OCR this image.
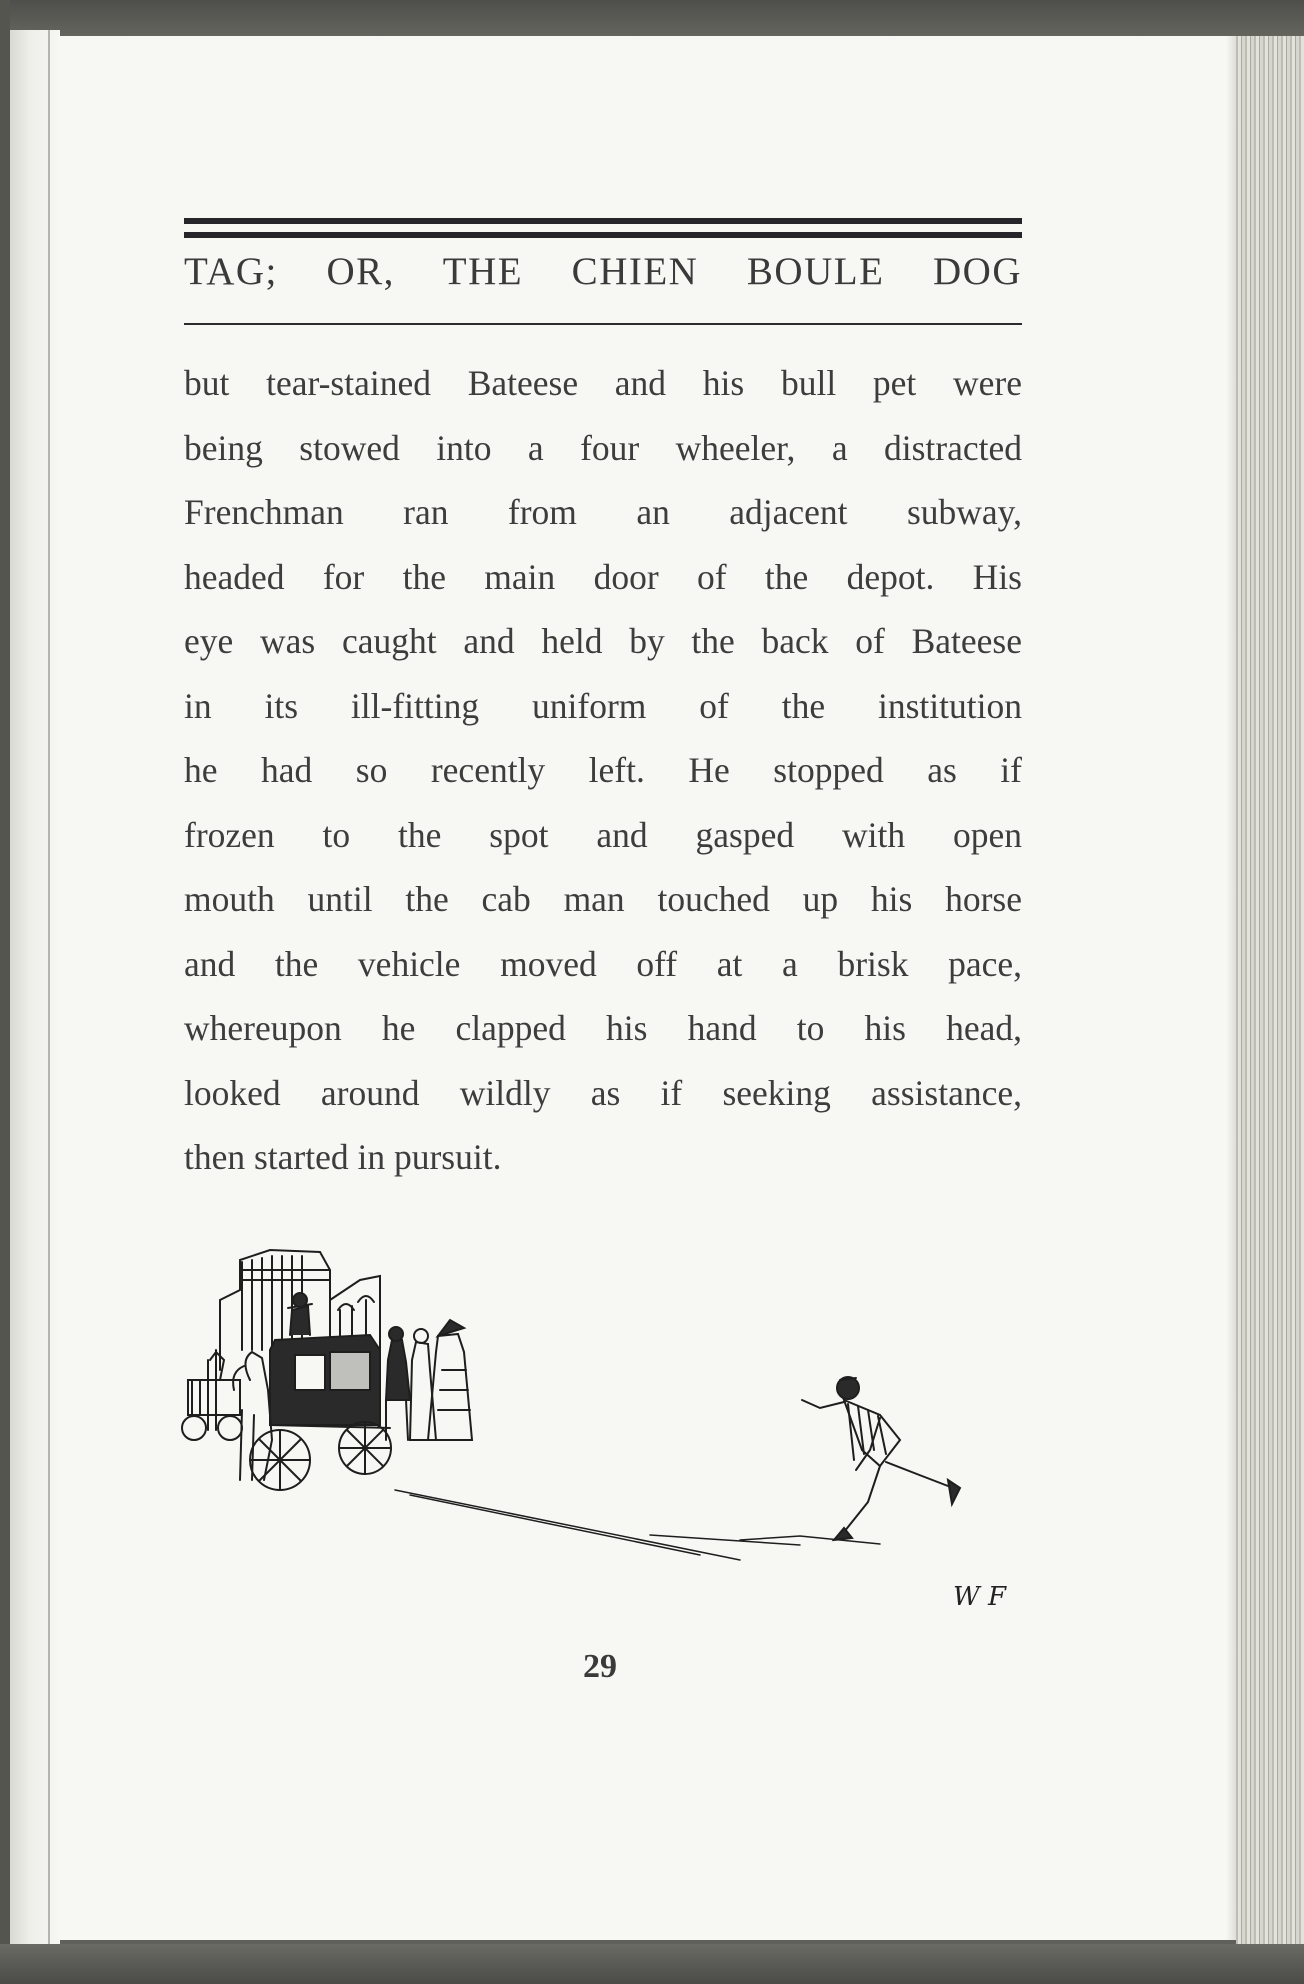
TAG; OR, THE CHIEN BOULE DOG
but tear-stained Bateese and his bull pet were
being stowed into a four wheeler, a distracted
Frenchman ran from an adjacent subway,
headed for the main door of the depot. His
eye was caught and held by the back of Bateese
in its ill-fitting uniform of the institution
he had so recently left. He stopped as if
frozen to the spot and gasped with open
mouth until the cab man touched up his horse
and the vehicle moved off at a brisk pace,
whereupon he clapped his hand to his head,
looked around wildly as if seeking assistance,
then started in pursuit.

W F

29
